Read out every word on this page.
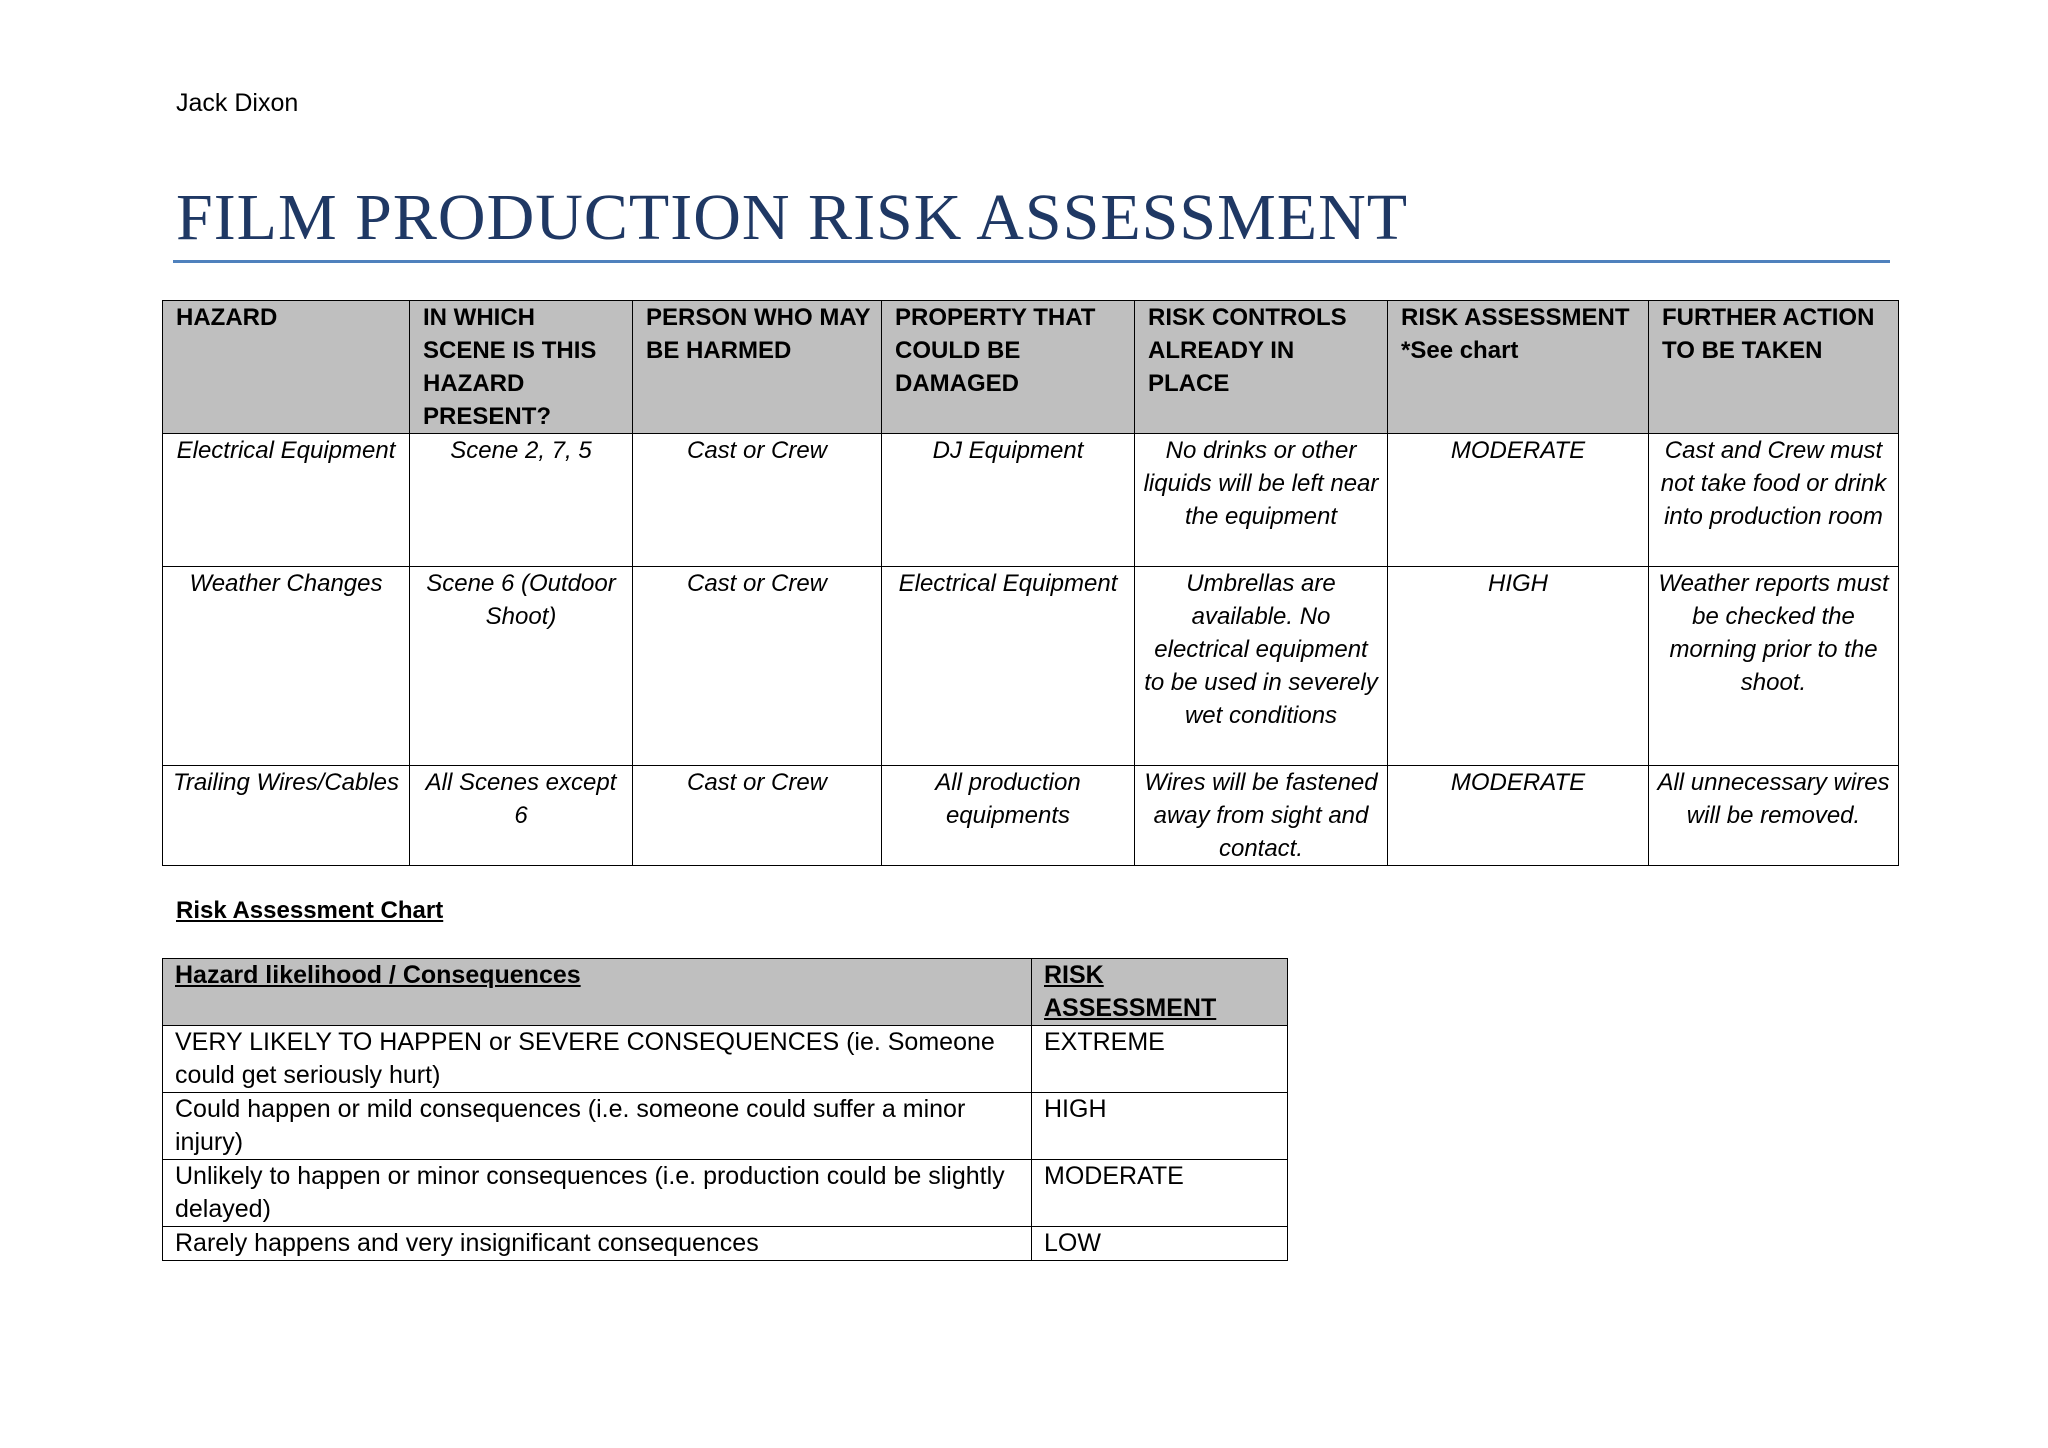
Jack Dixon
FILM PRODUCTION RISK ASSESSMENT
HAZARD	IN WHICH SCENE IS THIS HAZARD PRESENT?	PERSON WHO MAY BE HARMED	PROPERTY THAT COULD BE DAMAGED	RISK CONTROLS ALREADY IN PLACE	RISK ASSESSMENT *See chart	FURTHER ACTION TO BE TAKEN
Electrical Equipment	Scene 2, 7, 5	Cast or Crew	DJ Equipment	No drinks or other liquids will be left near the equipment	MODERATE	Cast and Crew must not take food or drink into production room
Weather Changes	Scene 6 (Outdoor Shoot)	Cast or Crew	Electrical Equipment	Umbrellas are available. No electrical equipment to be used in severely wet conditions	HIGH	Weather reports must be checked the morning prior to the shoot.
Trailing Wires/Cables	All Scenes except 6	Cast or Crew	All production equipments	Wires will be fastened away from sight and contact.	MODERATE	All unnecessary wires will be removed.
Risk Assessment Chart
Hazard likelihood / Consequences	RISK ASSESSMENT
VERY LIKELY TO HAPPEN or SEVERE CONSEQUENCES (ie. Someone could get seriously hurt)	EXTREME
Could happen or mild consequences (i.e. someone could suffer a minor injury)	HIGH
Unlikely to happen or minor consequences (i.e. production could be slightly delayed)	MODERATE
Rarely happens and very insignificant consequences	LOW
